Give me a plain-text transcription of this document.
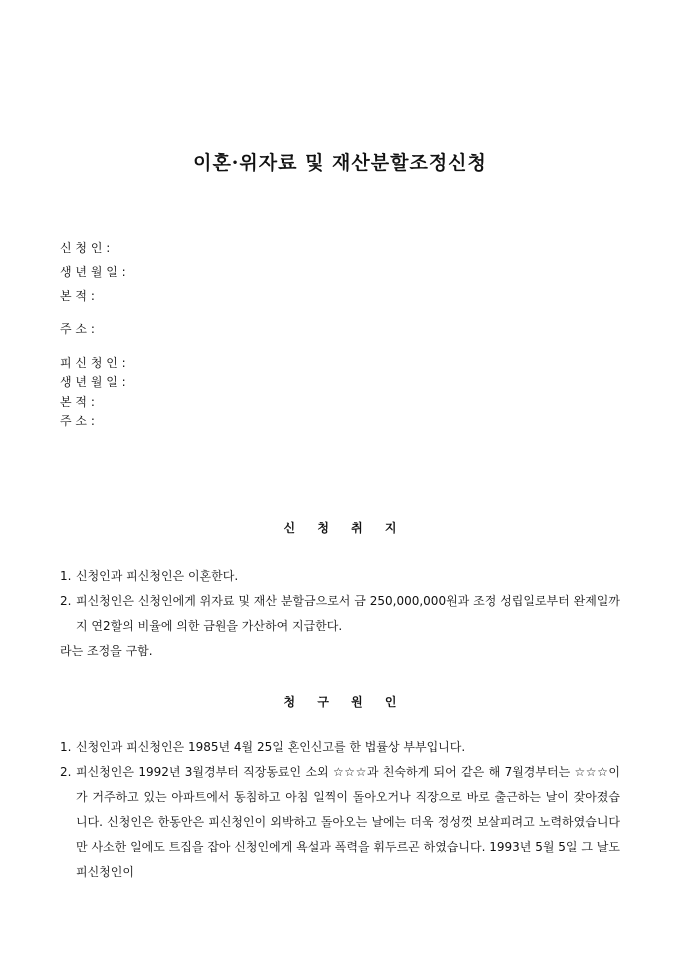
이혼·위자료 및 재산분할조정신청
신 청 인 :
생 년 월 일 :
본 적 :
주 소 :
피 신 청 인 :
생 년 월 일 :
본 적 :
주 소 :
신 청 취 지
1. 신청인과 피신청인은 이혼한다.
2. 피신청인은 신청인에게 위자료 및 재산 분할금으로서 금 250,000,000원과 조정 성립일로부터 완제일까지 연2할의 비율에 의한 금원을 가산하여 지급한다.
라는 조정을 구함.
청 구 원 인
1. 신청인과 피신청인은 1985년 4월 25일 혼인신고를 한 법률상 부부입니다.
2. 피신청인은 1992년 3월경부터 직장동료인 소외 ☆☆☆과 친숙하게 되어 같은 해 7월경부터는 ☆☆☆이가 거주하고 있는 아파트에서 동침하고 아침 일찍이 돌아오거나 직장으로 바로 출근하는 날이 잦아졌습니다. 신청인은 한동안은 피신청인이 외박하고 돌아오는 날에는 더욱 정성껏 보살피려고 노력하였습니다만 사소한 일에도 트집을 잡아 신청인에게 욕설과 폭력을 휘두르곤 하였습니다. 1993년 5월 5일 그 날도 피신청인이
